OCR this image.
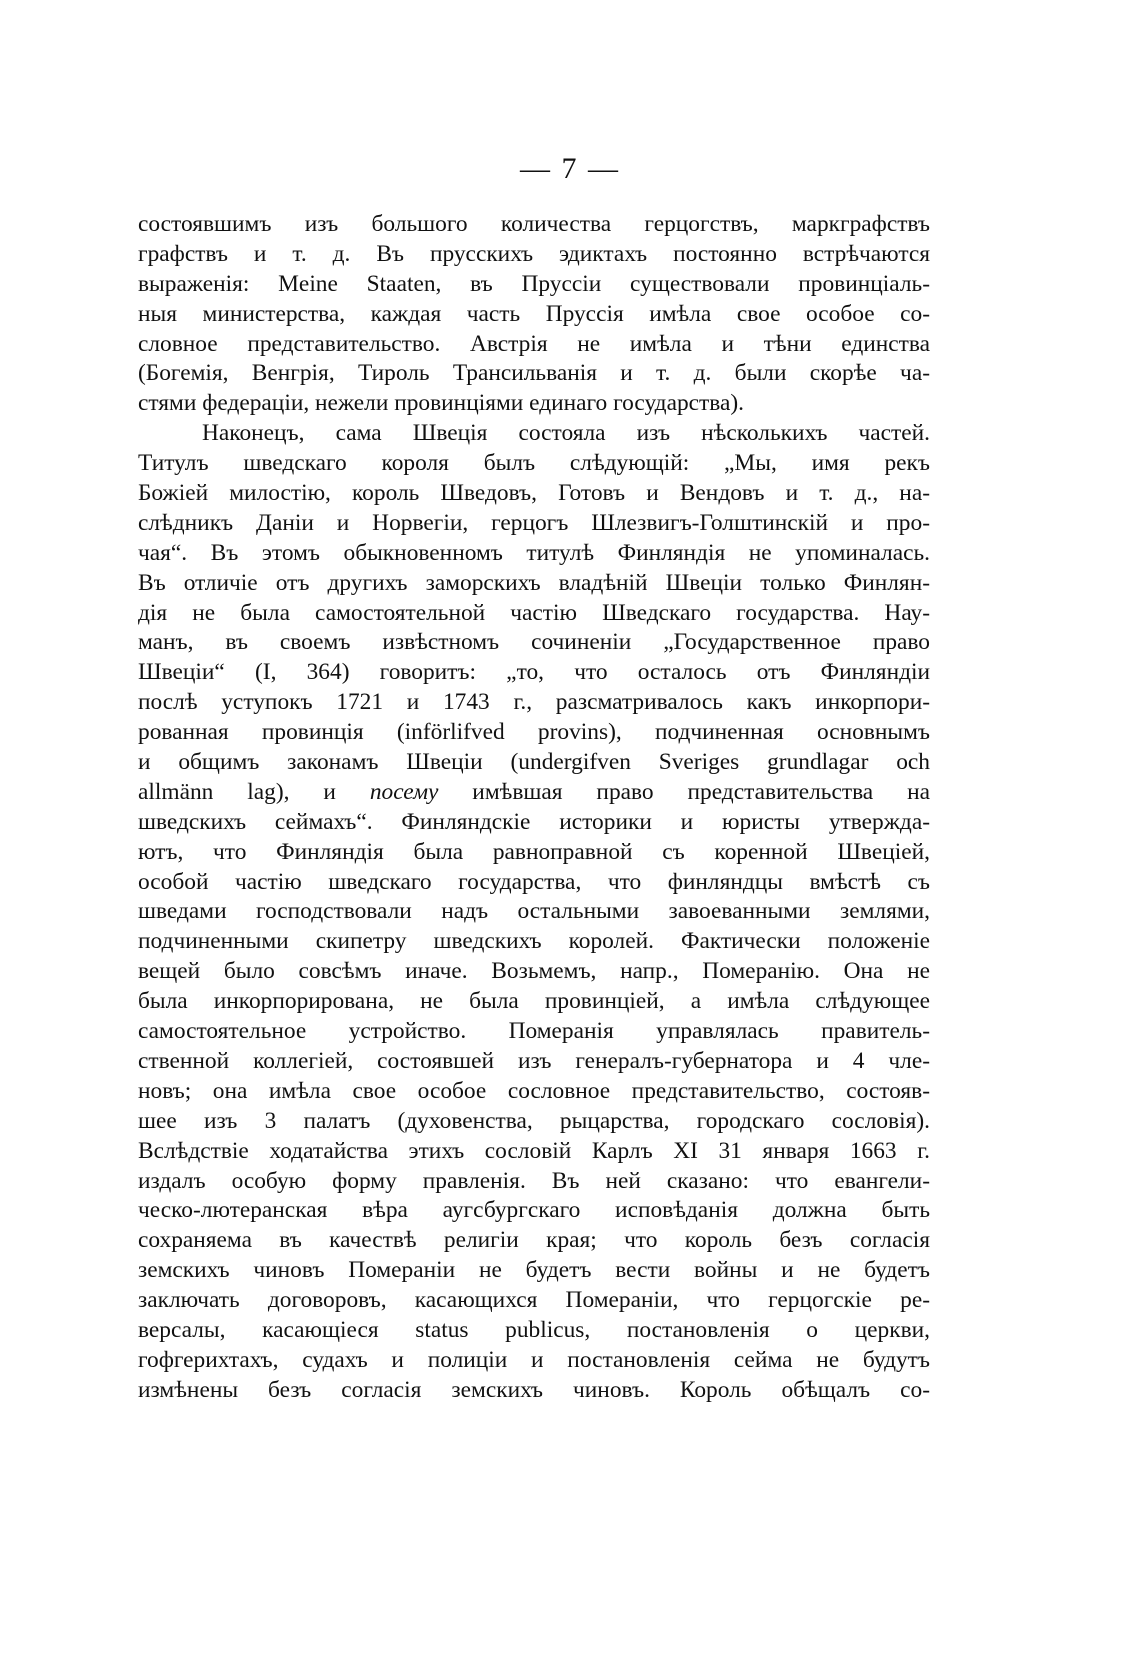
— 7 —
состоявшимъ изъ большого количества герцогствъ, маркграфствъ
графствъ и т. д. Въ прусскихъ эдиктахъ постоянно встрѣчаются
выраженія: Meine Staaten, въ Пруссіи существовали провинціаль-
ныя министерства, каждая часть Пруссія имѣла свое особое со-
словное представительство. Австрія не имѣла и тѣни единства
(Богемія, Венгрія, Тироль Трансильванія и т. д. были скорѣе ча-
стями федераціи, нежели провинціями единаго государства).
Наконецъ, сама Швеція состояла изъ нѣсколькихъ частей.
Титулъ шведскаго короля былъ слѣдующій: „Мы, имя рекъ
Божіей милостію, король Шведовъ, Готовъ и Вендовъ и т. д., на-
слѣдникъ Даніи и Норвегіи, герцогъ Шлезвигъ-Голштинскій и про-
чая“. Въ этомъ обыкновенномъ титулѣ Финляндія не упоминалась.
Въ отличіе отъ другихъ заморскихъ владѣній Швеціи только Финлян-
дія не была самостоятельной частію Шведскаго государства. Нау-
манъ, въ своемъ извѣстномъ сочиненіи „Государственное право
Швеціи“ (I, 364) говоритъ: „то, что осталось отъ Финляндіи
послѣ уступокъ 1721 и 1743 г., разсматривалось какъ инкорпори-
рованная провинція (införlifved provins), подчиненная основнымъ
и общимъ законамъ Швеціи (undergifven Sveriges grundlagar och
allmänn lag), и посему имѣвшая право представительства на
шведскихъ сеймахъ“. Финляндскіе историки и юристы утвержда-
ютъ, что Финляндія была равноправной съ коренной Швеціей,
особой частію шведскаго государства, что финляндцы вмѣстѣ съ
шведами господствовали надъ остальными завоеванными землями,
подчиненными скипетру шведскихъ королей. Фактически положеніе
вещей было совсѣмъ иначе. Возьмемъ, напр., Померанію. Она не
была инкорпорирована, не была провинціей, а имѣла слѣдующее
самостоятельное устройство. Померанія управлялась правитель-
ственной коллегіей, состоявшей изъ генералъ-губернатора и 4 чле-
новъ; она имѣла свое особое сословное представительство, состояв-
шее изъ 3 палатъ (духовенства, рыцарства, городскаго сословія).
Вслѣдствіе ходатайства этихъ сословій Карлъ XI 31 января 1663 г.
издалъ особую форму правленія. Въ ней сказано: что евангели-
ческо-лютеранская вѣра аугсбургскаго исповѣданія должна быть
сохраняема въ качествѣ религіи края; что король безъ согласія
земскихъ чиновъ Помераніи не будетъ вести войны и не будетъ
заключать договоровъ, касающихся Помераніи, что герцогскіе ре-
версалы, касающіеся status publicus, постановленія о церкви,
гофгерихтахъ, судахъ и полиціи и постановленія сейма не будутъ
измѣнены безъ согласія земскихъ чиновъ. Король обѣщалъ со-
